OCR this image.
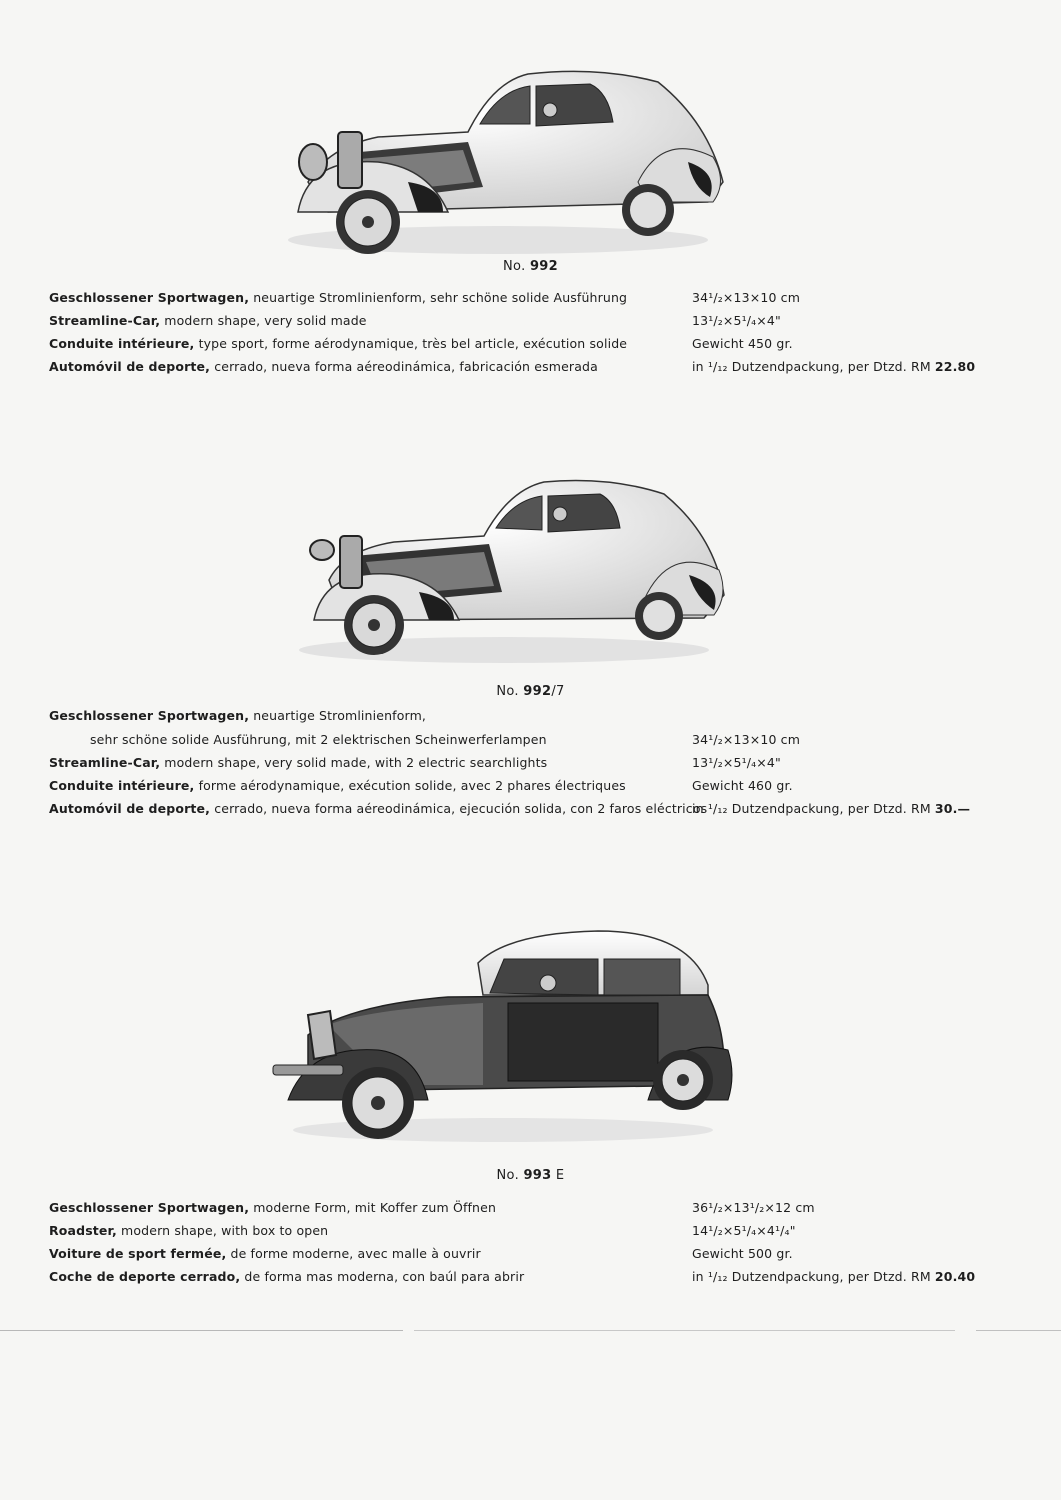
No. 992
Geschlossener Sportwagen, neuartige Stromlinienform, sehr schöne solide Ausführung
Streamline-Car, modern shape, very solid made
Conduite intérieure, type sport, forme aérodynamique, très bel article, exécution solide
Automóvil de deporte, cerrado, nueva forma aéreodinámica, fabricación esmerada
34¹/₂×13×10 cm
13¹/₂×5¹/₄×4"
Gewicht 450 gr.
in ¹/₁₂ Dutzendpackung, per Dtzd. RM 22.80
No. 992/7
Geschlossener Sportwagen, neuartige Stromlinienform,
sehr schöne solide Ausführung, mit 2 elektrischen Scheinwerferlampen
Streamline-Car, modern shape, very solid made, with 2 electric searchlights
Conduite intérieure, forme aérodynamique, exécution solide, avec 2 phares électriques
Automóvil de deporte, cerrado, nueva forma aéreodinámica, ejecución solida, con 2 faros eléctricos
34¹/₂×13×10 cm
13¹/₂×5¹/₄×4"
Gewicht 460 gr.
in ¹/₁₂ Dutzendpackung, per Dtzd. RM 30.—
No. 993 E
Geschlossener Sportwagen, moderne Form, mit Koffer zum Öffnen
Roadster, modern shape, with box to open
Voiture de sport fermée, de forme moderne, avec malle à ouvrir
Coche de deporte cerrado, de forma mas moderna, con baúl para abrir
36¹/₂×13¹/₂×12 cm
14¹/₂×5¹/₄×4¹/₄"
Gewicht 500 gr.
in ¹/₁₂ Dutzendpackung, per Dtzd. RM 20.40
